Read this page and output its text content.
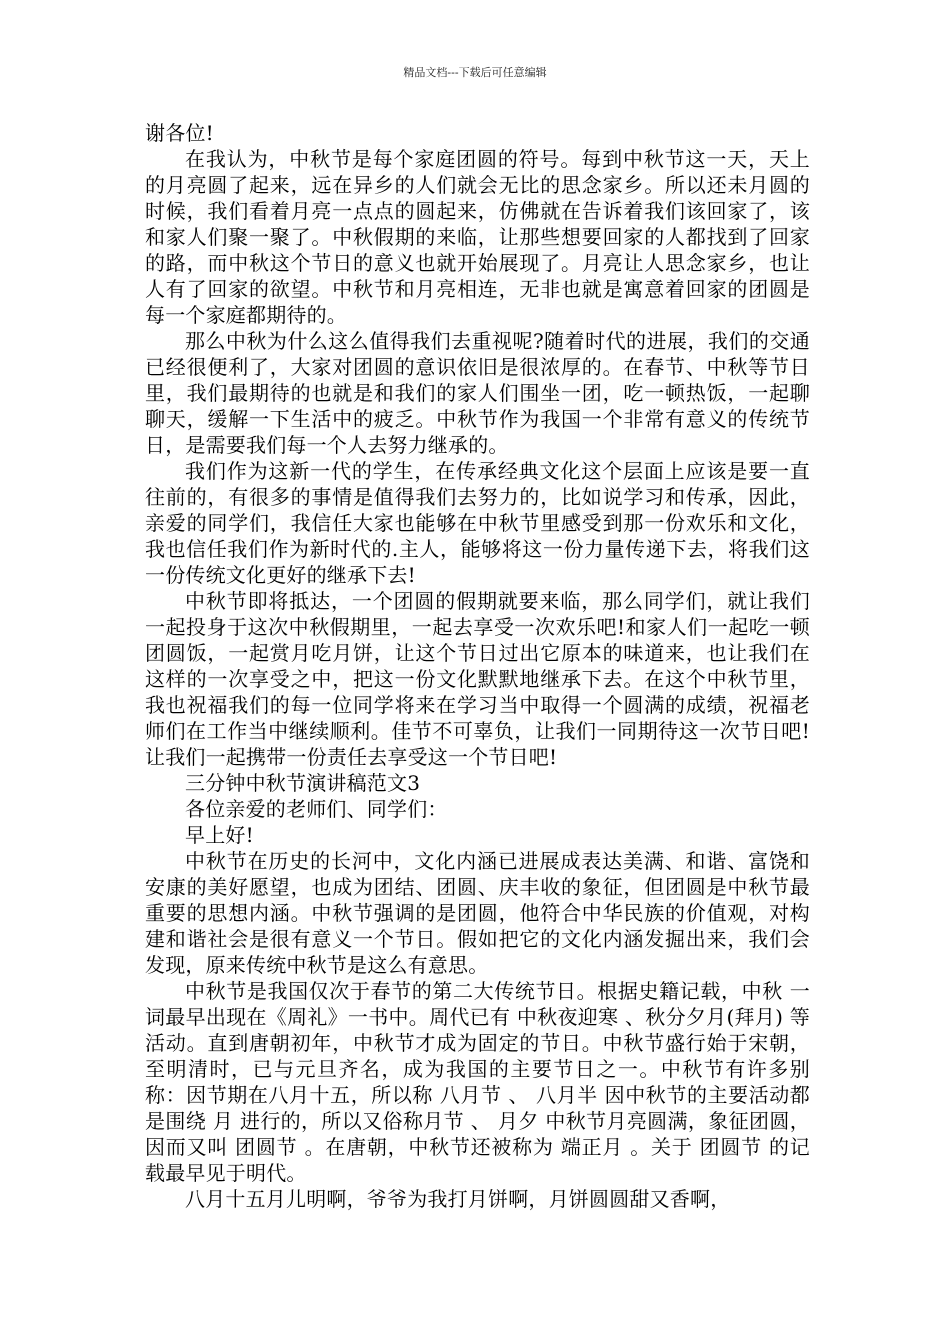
精品文档---下载后可任意编辑

谢各位!

在我认为，中秋节是每个家庭团圆的符号。每到中秋节这一天，天上的月亮圆了起来，远在异乡的人们就会无比的思念家乡。所以还未月圆的时候，我们看着月亮一点点的圆起来，仿佛就在告诉着我们该回家了，该和家人们聚一聚了。中秋假期的来临，让那些想要回家的人都找到了回家的路，而中秋这个节日的意义也就开始展现了。月亮让人思念家乡，也让人有了回家的欲望。中秋节和月亮相连，无非也就是寓意着回家的团圆是每一个家庭都期待的。

那么中秋为什么这么值得我们去重视呢?随着时代的进展，我们的交通已经很便利了，大家对团圆的意识依旧是很浓厚的。在春节、中秋等节日里，我们最期待的也就是和我们的家人们围坐一团，吃一顿热饭，一起聊聊天，缓解一下生活中的疲乏。中秋节作为我国一个非常有意义的传统节日，是需要我们每一个人去努力继承的。

我们作为这新一代的学生，在传承经典文化这个层面上应该是要一直往前的，有很多的事情是值得我们去努力的，比如说学习和传承，因此，亲爱的同学们，我信任大家也能够在中秋节里感受到那一份欢乐和文化，我也信任我们作为新时代的.主人，能够将这一份力量传递下去，将我们这一份传统文化更好的继承下去!

中秋节即将抵达，一个团圆的假期就要来临，那么同学们，就让我们一起投身于这次中秋假期里，一起去享受一次欢乐吧!和家人们一起吃一顿团圆饭，一起赏月吃月饼，让这个节日过出它原本的味道来，也让我们在这样的一次享受之中，把这一份文化默默地继承下去。在这个中秋节里，我也祝福我们的每一位同学将来在学习当中取得一个圆满的成绩，祝福老师们在工作当中继续顺利。佳节不可辜负，让我们一同期待这一次节日吧!让我们一起携带一份责任去享受这一个节日吧!

三分钟中秋节演讲稿范文3

各位亲爱的老师们、同学们：

早上好!

中秋节在历史的长河中，文化内涵已进展成表达美满、和谐、富饶和安康的美好愿望，也成为团结、团圆、庆丰收的象征，但团圆是中秋节最重要的思想内涵。中秋节强调的是团圆，他符合中华民族的价值观，对构建和谐社会是很有意义一个节日。假如把它的文化内涵发掘出来，我们会发现，原来传统中秋节是这么有意思。

中秋节是我国仅次于春节的第二大传统节日。根据史籍记载，中秋 一词最早出现在《周礼》一书中。周代已有 中秋夜迎寒 、秋分夕月(拜月) 等活动。直到唐朝初年，中秋节才成为固定的节日。中秋节盛行始于宋朝，至明清时，已与元旦齐名，成为我国的主要节日之一。中秋节有许多别称：因节期在八月十五，所以称 八月节 、 八月半 因中秋节的主要活动都是围绕 月 进行的，所以又俗称月节 、 月夕 中秋节月亮圆满，象征团圆，因而又叫 团圆节 。在唐朝，中秋节还被称为 端正月 。关于 团圆节 的记载最早见于明代。

八月十五月儿明啊，爷爷为我打月饼啊，月饼圆圆甜又香啊，
